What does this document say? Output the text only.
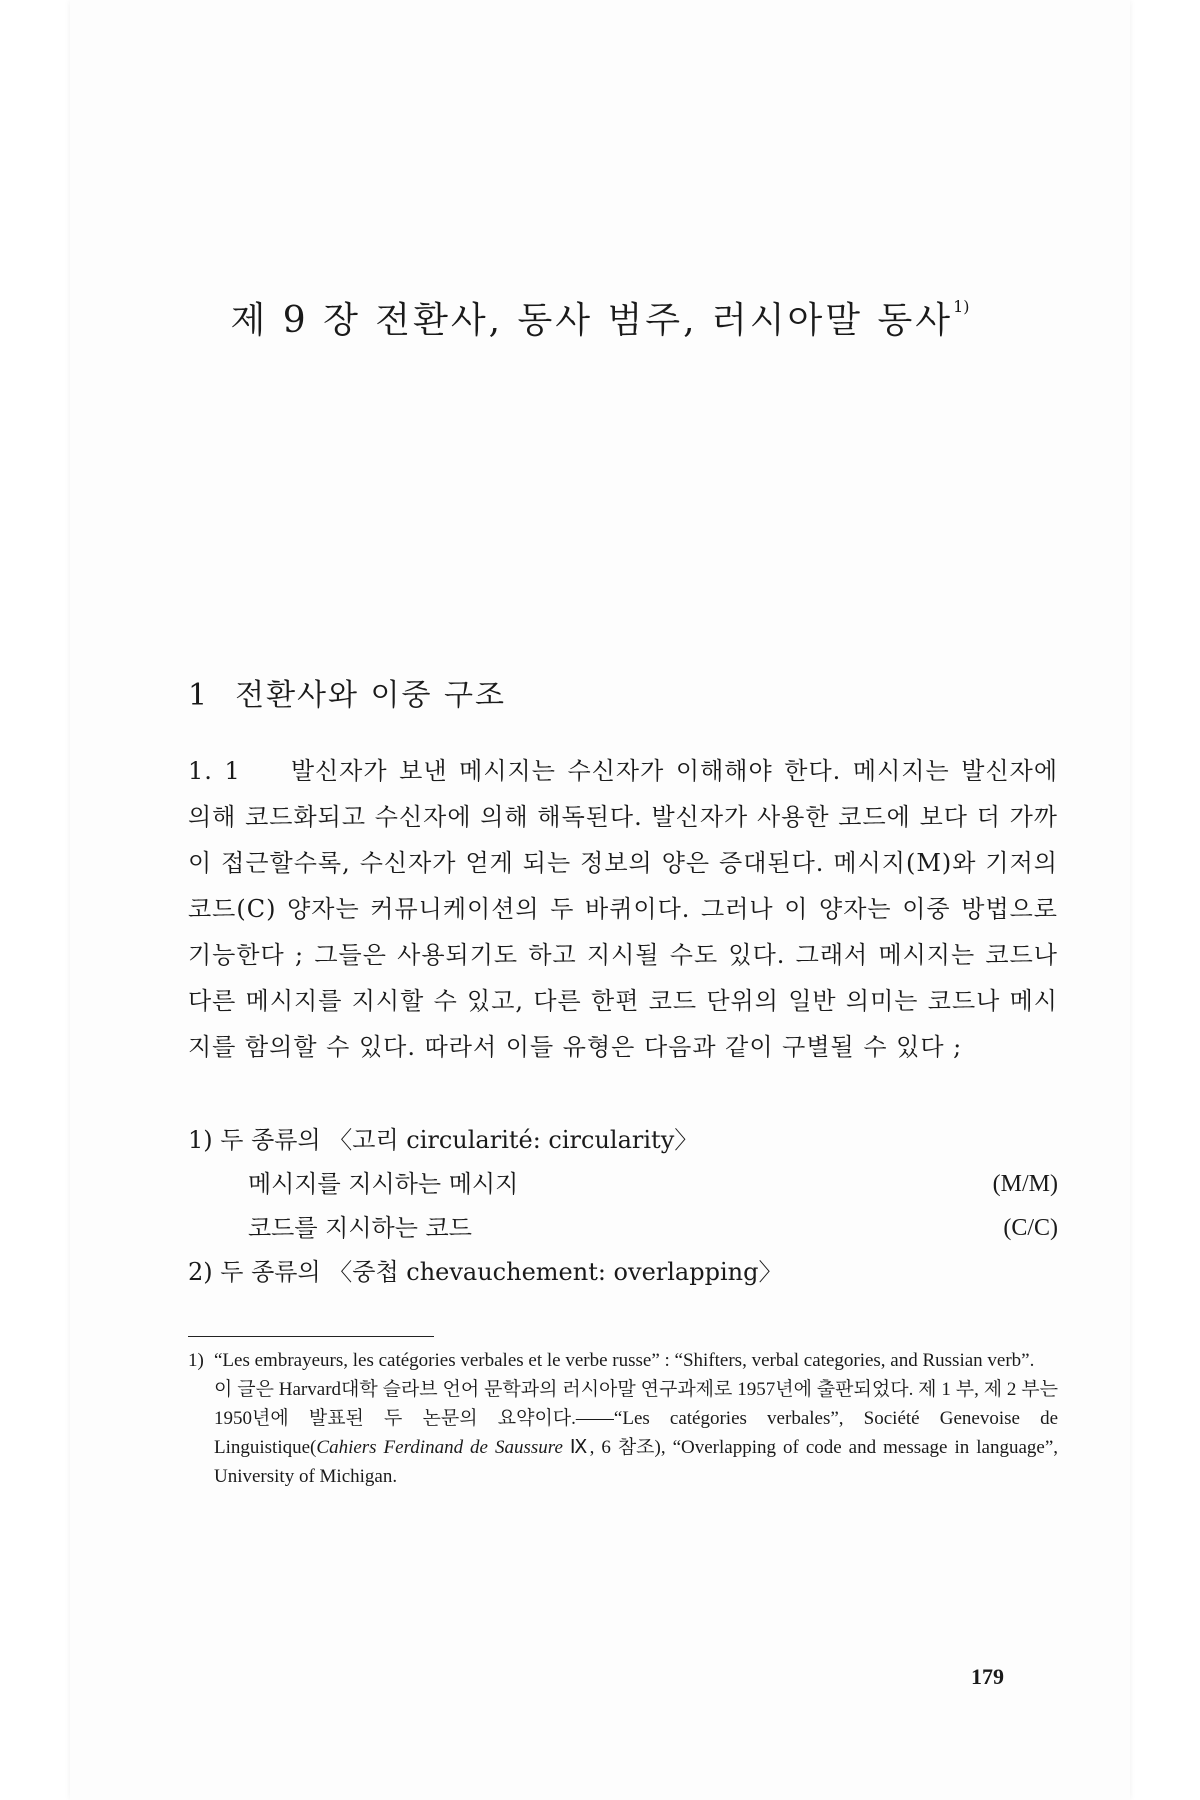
제 9 장 전환사, 동사 범주, 러시아말 동사$^{1)}$
1 전환사와 이중 구조

1. 1 발신자가 보낸 메시지는 수신자가 이해해야 한다. 메시지는 발신자에 의해 코드화되고 수신자에 의해 해독된다. 발신자가 사용한 코드에 보다 더 가까이 접근할수록, 수신자가 얻게 되는 정보의 양은 증대된다. 메시지(M)와 기저의 코드(C) 양자는 커뮤니케이션의 두 바퀴이다. 그러나 이 양자는 이중 방법으로 기능한다 ; 그들은 사용되기도 하고 지시될 수도 있다. 그래서 메시지는 코드나 다른 메시지를 지시할 수 있고, 다른 한편 코드 단위의 일반 의미는 코드나 메시지를 함의할 수 있다. 따라서 이들 유형은 다음과 같이 구별될 수 있다 ;

1) 두 종류의 〈고리 circularité: circularity〉
메시지를 지시하는 메시지	(M/M)
코드를 지시하는 코드	(C/C)
2) 두 종류의 〈중첩 chevauchement: overlapping〉
1) “Les embrayeurs, les catégories verbales et le verbe russe” : “Shifters, verbal categories, and Russian verb”.
이 글은 Harvard대학 슬라브 언어 문학과의 러시아말 연구과제로 1957년에 출판되었다. 제 1 부, 제 2 부는 1950년에 발표된 두 논문의 요약이다.——“Les catégories verbales”, Société Genevoise de Linguistique(Cahiers Ferdinand de Saussure Ⅸ, 6 참조), “Overlapping of code and message in language”, University of Michigan.
179
